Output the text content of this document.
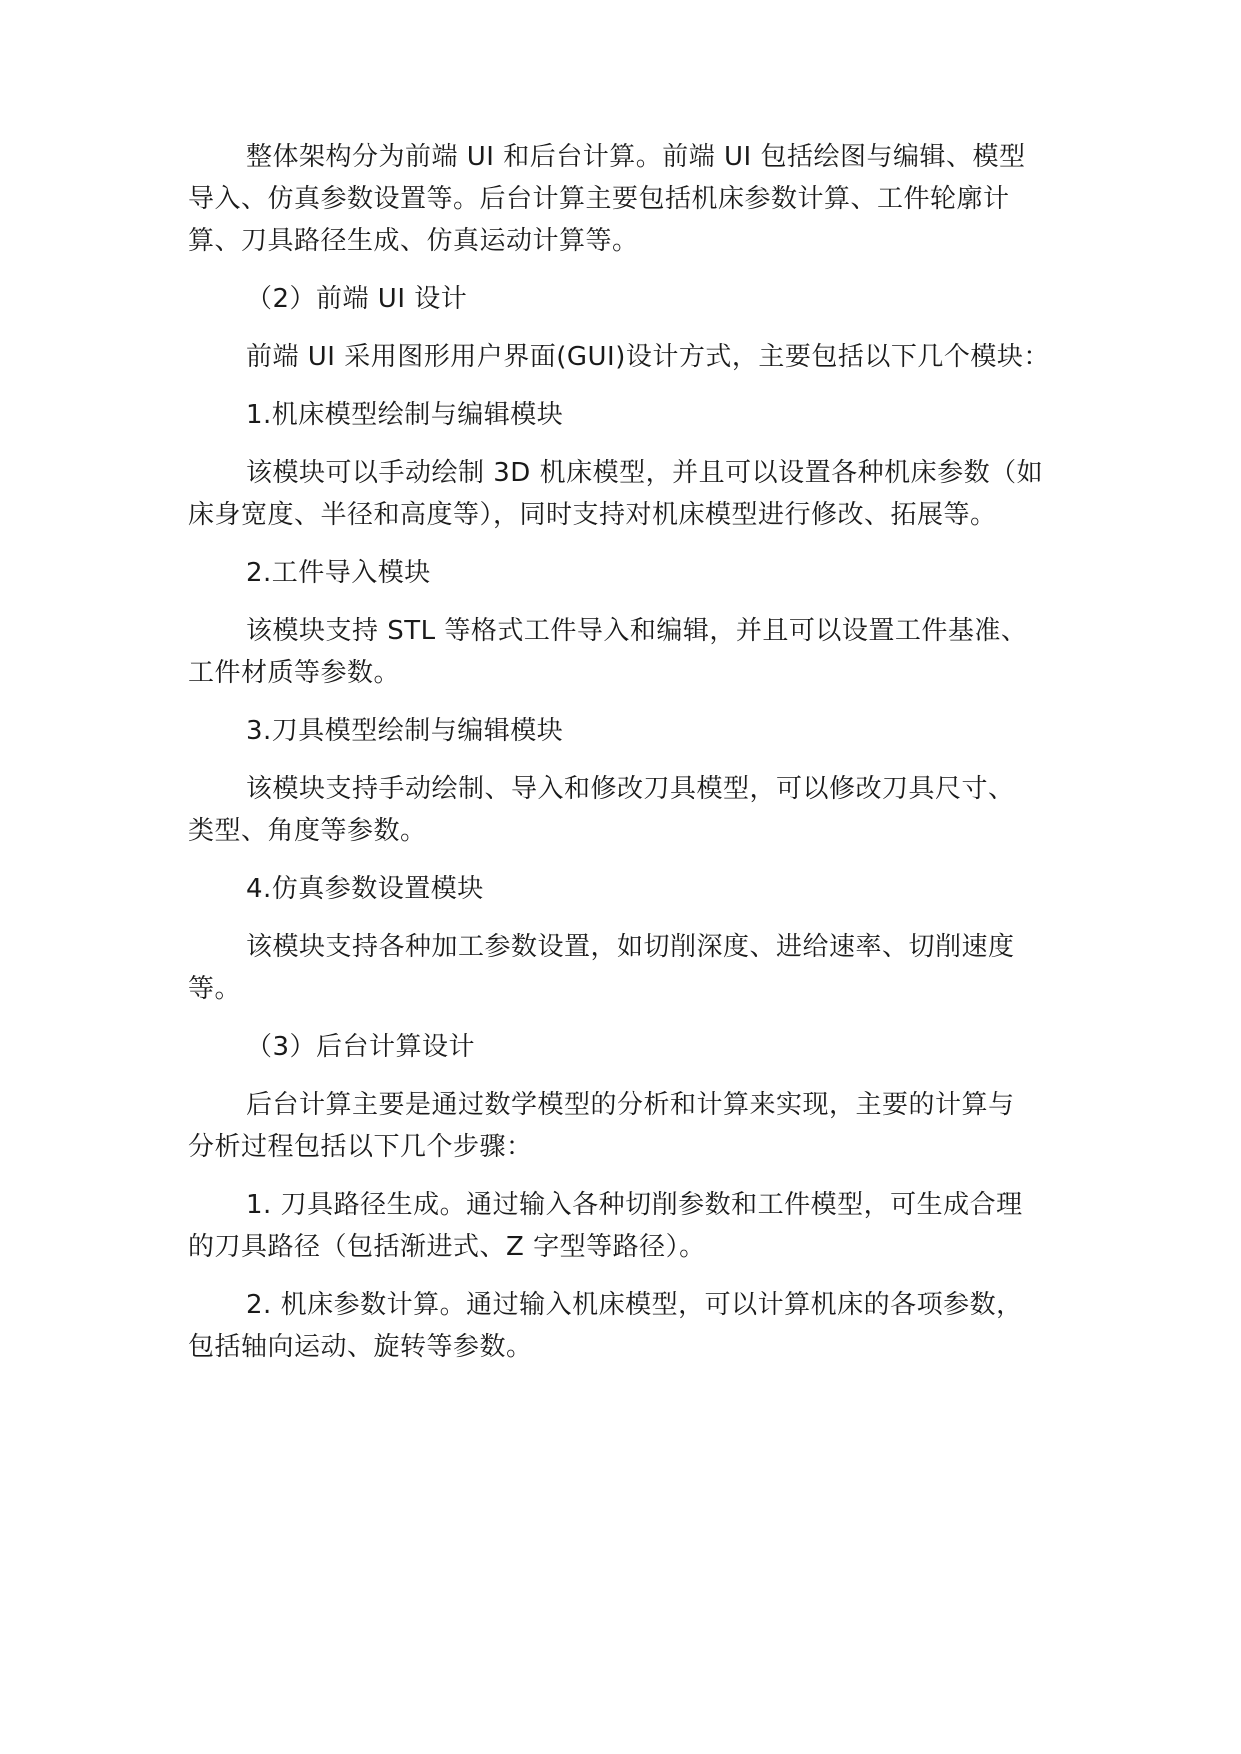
整体架构分为前端 UI 和后台计算。前端 UI 包括绘图与编辑、模型
导入、仿真参数设置等。后台计算主要包括机床参数计算、工件轮廓计
算、刀具路径生成、仿真运动计算等。
（2）前端 UI 设计
前端 UI 采用图形用户界面(GUI)设计方式，主要包括以下几个模块：
1.机床模型绘制与编辑模块
该模块可以手动绘制 3D 机床模型，并且可以设置各种机床参数（如
床身宽度、半径和高度等），同时支持对机床模型进行修改、拓展等。
2.工件导入模块
该模块支持 STL 等格式工件导入和编辑，并且可以设置工件基准、
工件材质等参数。
3.刀具模型绘制与编辑模块
该模块支持手动绘制、导入和修改刀具模型，可以修改刀具尺寸、
类型、角度等参数。
4.仿真参数设置模块
该模块支持各种加工参数设置，如切削深度、进给速率、切削速度
等。
（3）后台计算设计
后台计算主要是通过数学模型的分析和计算来实现，主要的计算与
分析过程包括以下几个步骤：
1. 刀具路径生成。通过输入各种切削参数和工件模型，可生成合理
的刀具路径（包括渐进式、Z 字型等路径）。
2. 机床参数计算。通过输入机床模型，可以计算机床的各项参数，
包括轴向运动、旋转等参数。
